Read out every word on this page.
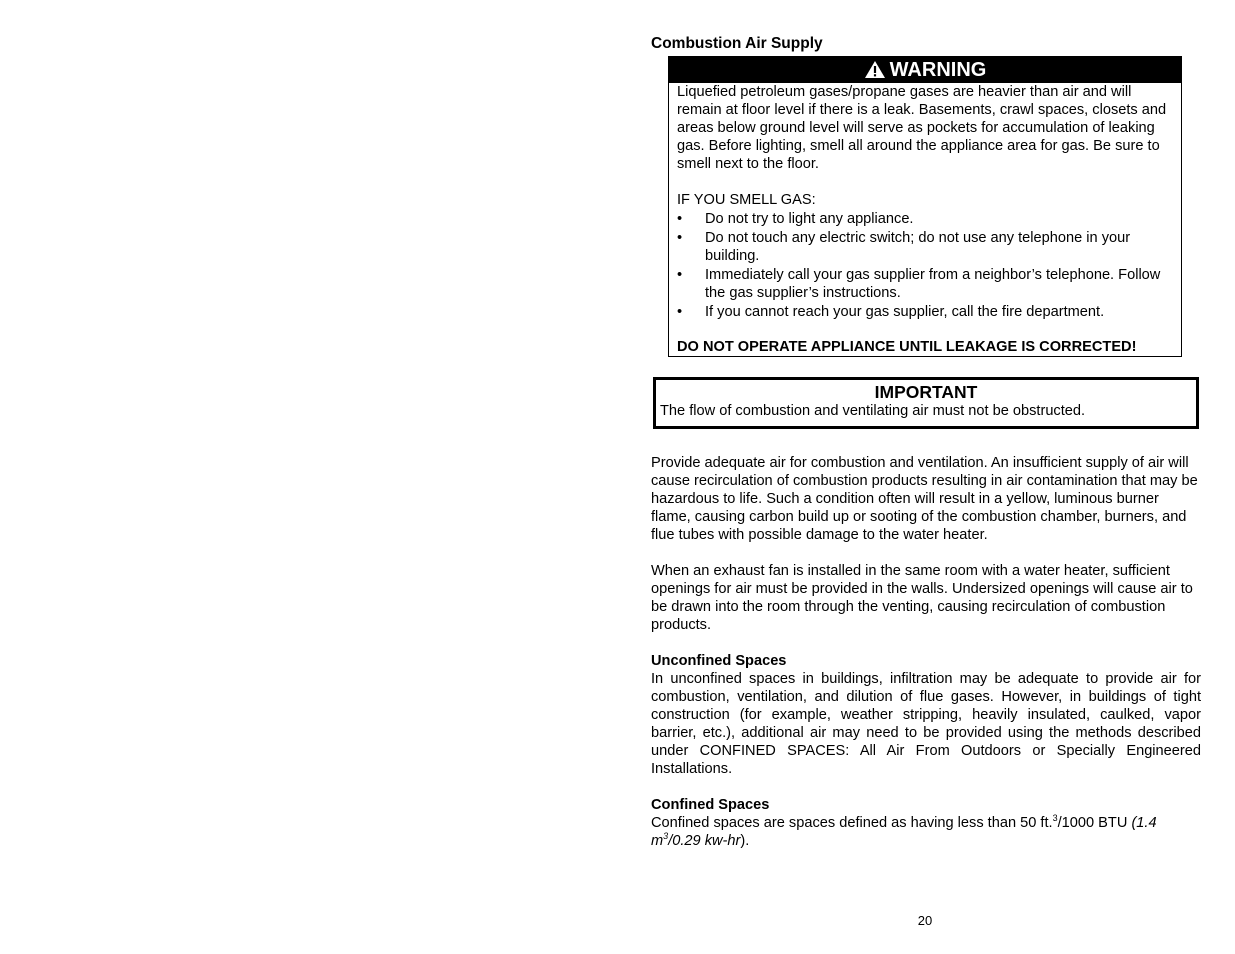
Combustion Air Supply

WARNING

Liquefied petroleum gases/propane gases are heavier than air and will remain at floor level if there is a leak. Basements, crawl spaces, closets and areas below ground level will serve as pockets for accumulation of leaking gas. Before lighting, smell all around the appliance area for gas. Be sure to smell next to the floor.

IF YOU SMELL GAS:

• Do not try to light any appliance.
• Do not touch any electric switch; do not use any telephone in your building.
• Immediately call your gas supplier from a neighbor’s telephone. Follow the gas supplier’s instructions.
• If you cannot reach your gas supplier, call the fire department.

DO NOT OPERATE APPLIANCE UNTIL LEAKAGE IS CORRECTED!

IMPORTANT
The flow of combustion and ventilating air must not be obstructed.

Provide adequate air for combustion and ventilation. An insufficient supply of air will cause recirculation of combustion products resulting in air contamination that may be hazardous to life. Such a condition often will result in a yellow, luminous burner flame, causing carbon build up or sooting of the combustion chamber, burners, and flue tubes with possible damage to the water heater.

When an exhaust fan is installed in the same room with a water heater, sufficient openings for air must be provided in the walls. Undersized openings will cause air to be drawn into the room through the venting, causing recirculation of combustion products.

Unconfined Spaces

In unconfined spaces in buildings, infiltration may be adequate to provide air for combustion, ventilation, and dilution of flue gases. However, in buildings of tight construction (for example, weather stripping, heavily insulated, caulked, vapor barrier, etc.), additional air may need to be provided using the methods described under CONFINED SPACES: All Air From Outdoors or Specially Engineered Installations.

Confined Spaces

Confined spaces are spaces defined as having less than 50 ft.$^3$/1000 BTU (1.4 $m^3/0.29$ kw-hr).

20
